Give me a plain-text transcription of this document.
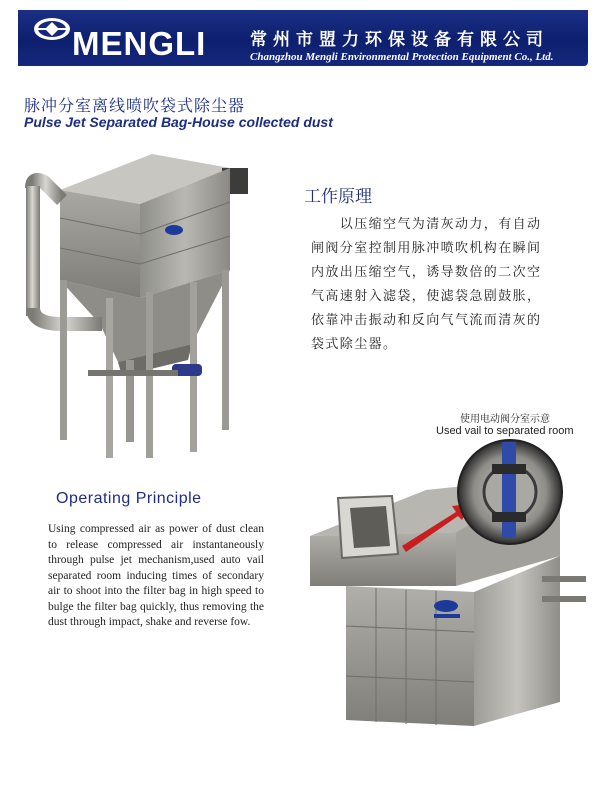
MENGLI	常州市盟力环保设备有限公司
Changzhou Mengli Environmental Protection Equipment Co., Ltd.
脉冲分室离线喷吹袋式除尘器
Pulse Jet Separated Bag-House collected dust
工作原理
　　以压缩空气为清灰动力，有自动
闸阀分室控制用脉冲喷吹机构在瞬间
内放出压缩空气，诱导数倍的二次空
气高速射入滤袋，使滤袋急剧鼓胀，
依靠冲击振动和反向气气流而清灰的
袋式除尘器。
使用电动阀分室示意
Used vail to separated room
Operating Principle
Using compressed air as power of dust clean to release compressed air instantaneously through pulse jet mechanism,used auto vail separated room inducing times of secondary air to shoot into the filter bag in high speed to bulge the filter bag quickly, thus removing the dust through impact, shake and reverse fow.
